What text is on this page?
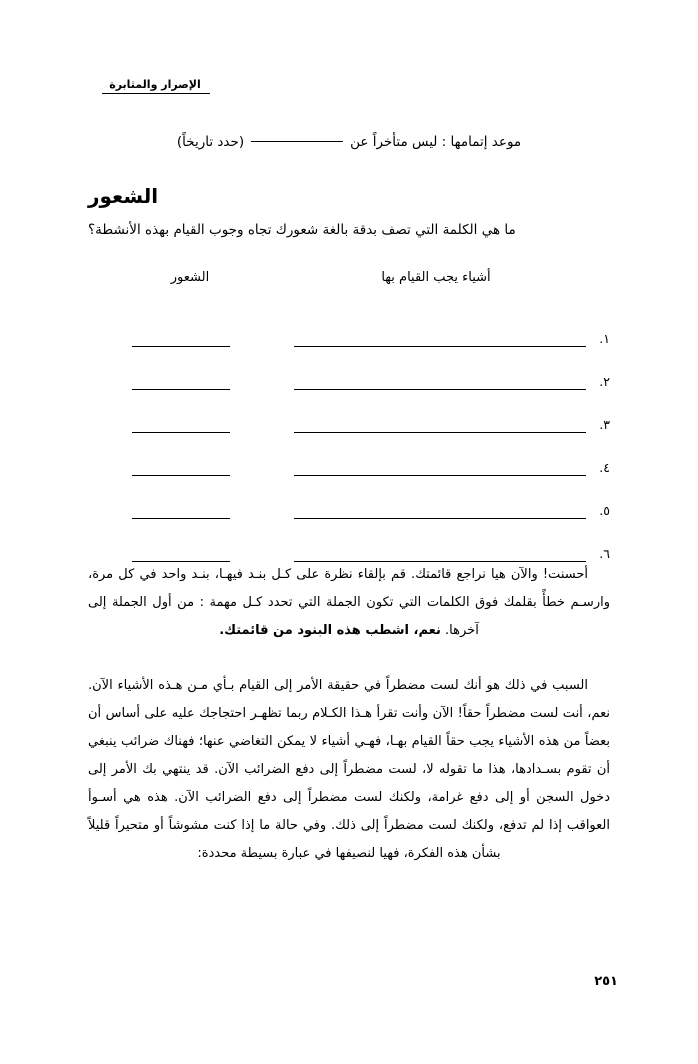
الإصرار والمثابرة
موعد إتمامها : ليس متأخراً عن
(حدد تاريخاً)
الشعور
ما هي الكلمة التي تصف بدقة بالغة شعورك تجاه وجوب القيام بهذه الأنشطة؟
أشياء يجب القيام بها
الشعور
١.
٢.
٣.
٤.
٥.
٦.

أحسنت! والآن هيا نراجع قائمتك. قم بإلقاء نظرة على كـل بنـد فيهـا، بنـد واحد في كل مرة، وارسـم خطأً بقلمك فوق الكلمات التي تكون الجملة التي تحدد كـل مهمة : من أول الجملة إلى آخرها. نعم، اشطب هذه البنود من قائمتك.

السبب في ذلك هو أنك لست مضطراً في حقيقة الأمر إلى القيام بـأي مـن هـذه الأشياء الآن. نعم، أنت لست مضطراً حقاً! الآن وأنت تقرأ هـذا الكـلام ربما تظهـر احتجاجك عليه على أساس أن بعضاً من هذه الأشياء يجب حقاً القيام بهـا، فهـي أشياء لا يمكن التغاضي عنها؛ فهناك ضرائب ينبغي أن تقوم بسـدادها، هذا ما تقوله لا، لست مضطراً إلى دفع الضرائب الآن. قد ينتهي بك الأمر إلى دخول السجن أو إلى دفع غرامة، ولكنك لست مضطراً إلى دفع الضرائب الآن. هذه هي أسـوأ العواقب إذا لم تدفع، ولكنك لست مضطراً إلى ذلك. وفي حالة ما إذا كنت مشوشاً أو متحيراً قليلاً بشأن هذه الفكرة، فهيا لنصيفها في عبارة بسيطة محددة:

٢٥١
